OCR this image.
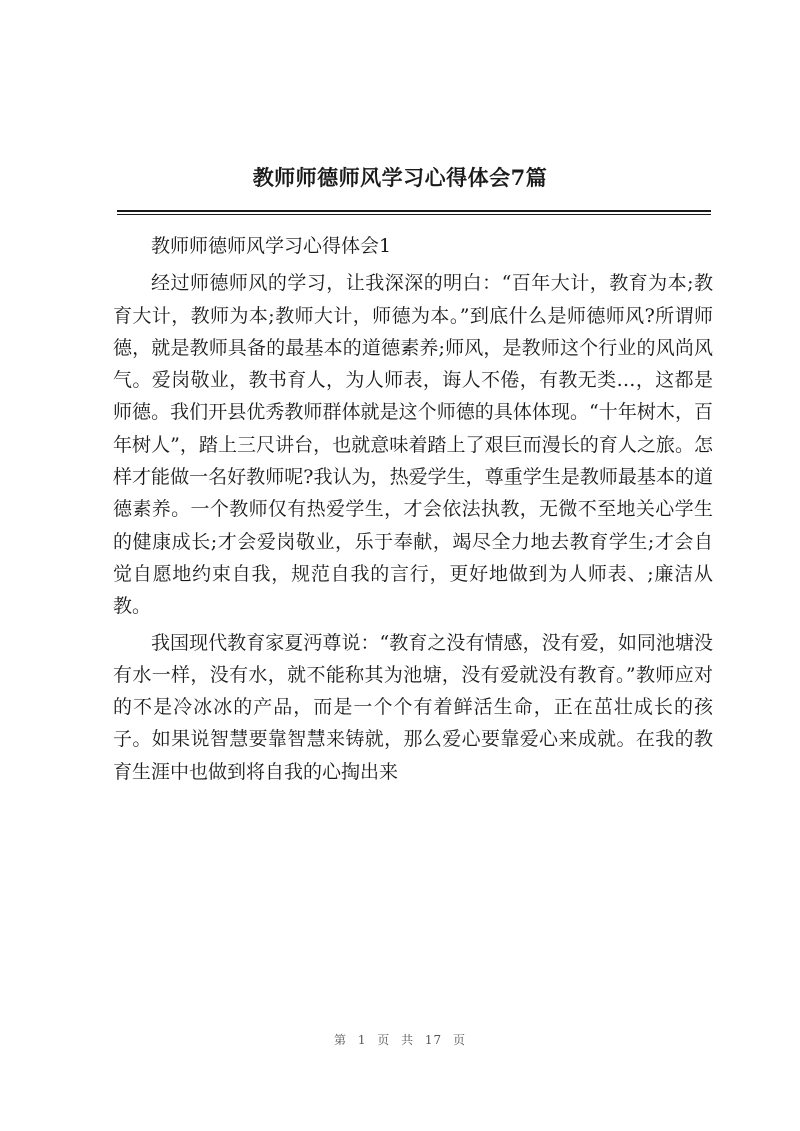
教师师德师风学习心得体会7篇

教师师德师风学习心得体会1

经过师德师风的学习，让我深深的明白：“百年大计，教育为本;教育大计，教师为本;教师大计，师德为本。”到底什么是师德师风?所谓师德，就是教师具备的最基本的道德素养;师风，是教师这个行业的风尚风气。爱岗敬业，教书育人，为人师表，诲人不倦，有教无类…，这都是师德。我们开县优秀教师群体就是这个师德的具体体现。“十年树木，百年树人”，踏上三尺讲台，也就意味着踏上了艰巨而漫长的育人之旅。怎样才能做一名好教师呢?我认为，热爱学生，尊重学生是教师最基本的道德素养。一个教师仅有热爱学生，才会依法执教，无微不至地关心学生的健康成长;才会爱岗敬业，乐于奉献，竭尽全力地去教育学生;才会自觉自愿地约束自我，规范自我的言行，更好地做到为人师表、;廉洁从教。

我国现代教育家夏沔尊说：“教育之没有情感，没有爱，如同池塘没有水一样，没有水，就不能称其为池塘，没有爱就没有教育。”教师应对的不是冷冰冰的产品，而是一个个有着鲜活生命，正在茁壮成长的孩子。如果说智慧要靠智慧来铸就，那么爱心要靠爱心来成就。在我的教育生涯中也做到将自我的心掏出来

第 1 页 共 17 页
